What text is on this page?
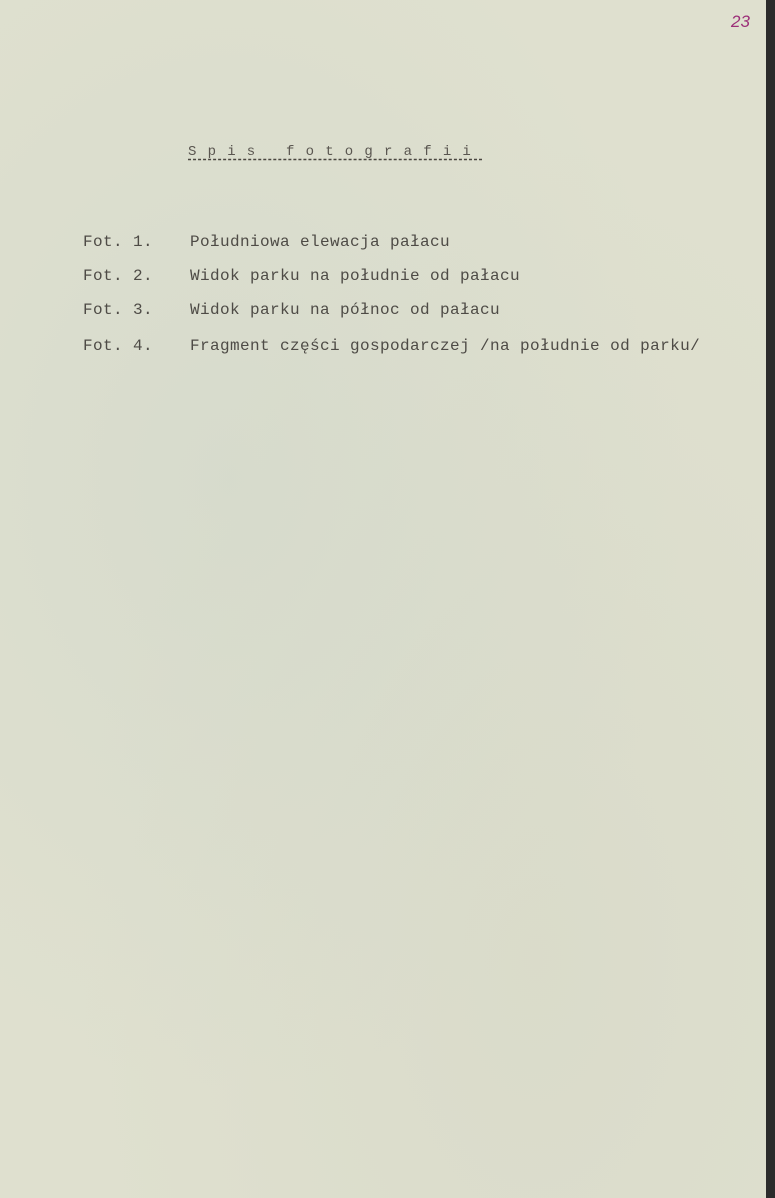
23
Spis fotografii
Fot. 1. Południowa elewacja pałacu
Fot. 2. Widok parku na południe od pałacu
Fot. 3. Widok parku na północ od pałacu
Fot. 4. Fragment części gospodarczej /na południe od parku/
